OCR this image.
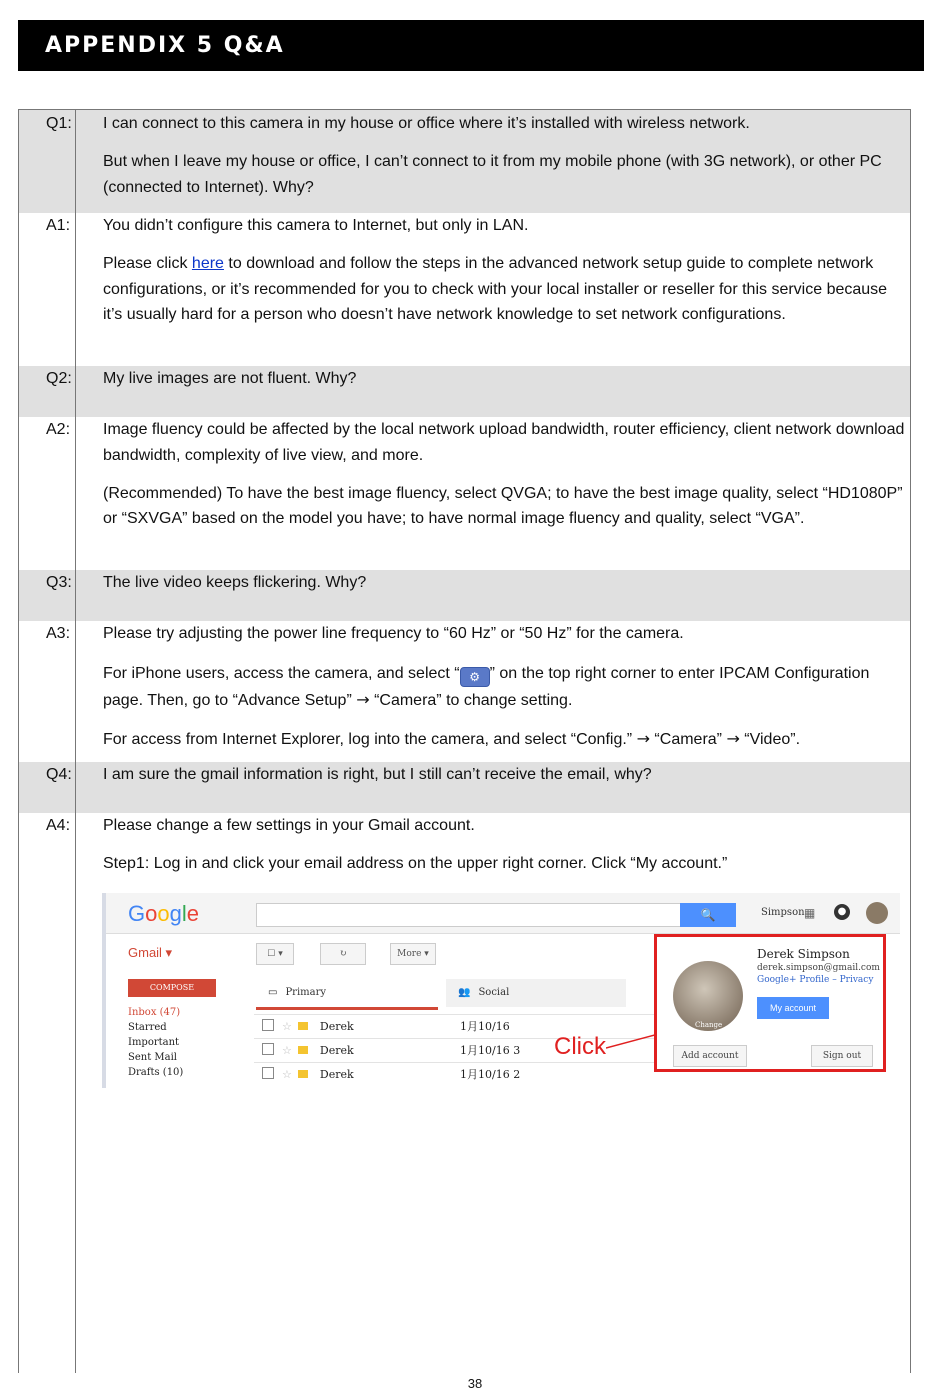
APPENDIX 5 Q&A
Q1: I can connect to this camera in my house or office where it’s installed with wireless network.

But when I leave my house or office, I can’t connect to it from my mobile phone (with 3G network), or other PC (connected to Internet). Why?

A1: You didn’t configure this camera to Internet, but only in LAN.

Please click here to download and follow the steps in the advanced network setup guide to complete network configurations, or it’s recommended for you to check with your local installer or reseller for this service because it’s usually hard for a person who doesn’t have network knowledge to set network configurations.

Q2: My live images are not fluent. Why?

A2: Image fluency could be affected by the local network upload bandwidth, router efficiency, client network download bandwidth, complexity of live view, and more.

(Recommended) To have the best image fluency, select QVGA; to have the best image quality, select “HD1080P” or “SXVGA” based on the model you have; to have normal image fluency and quality, select “VGA”.

Q3: The live video keeps flickering. Why?

A3: Please try adjusting the power line frequency to “60 Hz” or “50 Hz” for the camera.

For iPhone users, access the camera, and select “ ⚙ ” on the top right corner to enter IPCAM Configuration page. Then, go to “Advance Setup” → “Camera” to change setting.

For access from Internet Explorer, log into the camera, and select “Config.” → “Camera” → “Video”.

Q4: I am sure the gmail information is right, but I still can’t receive the email, why?

A4: Please change a few settings in your Gmail account.

Step1: Log in and click your email address on the upper right corner. Click “My account.”

Google	🔍	Simpson ▦	●
Gmail ▾	☐ ▾	↻	More ▾
COMPOSE
Inbox (47)
Starred
Important
Sent Mail
Drafts (10)
▭ Primary	👥 Social
☆	Derek	1月10/16
☆	Derek	1月10/16 3
☆	Derek	1月10/16 2
Click
Change
Derek Simpson
derek.simpson@gmail.com
Google+ Profile – Privacy
My account
Add account	Sign out
38
